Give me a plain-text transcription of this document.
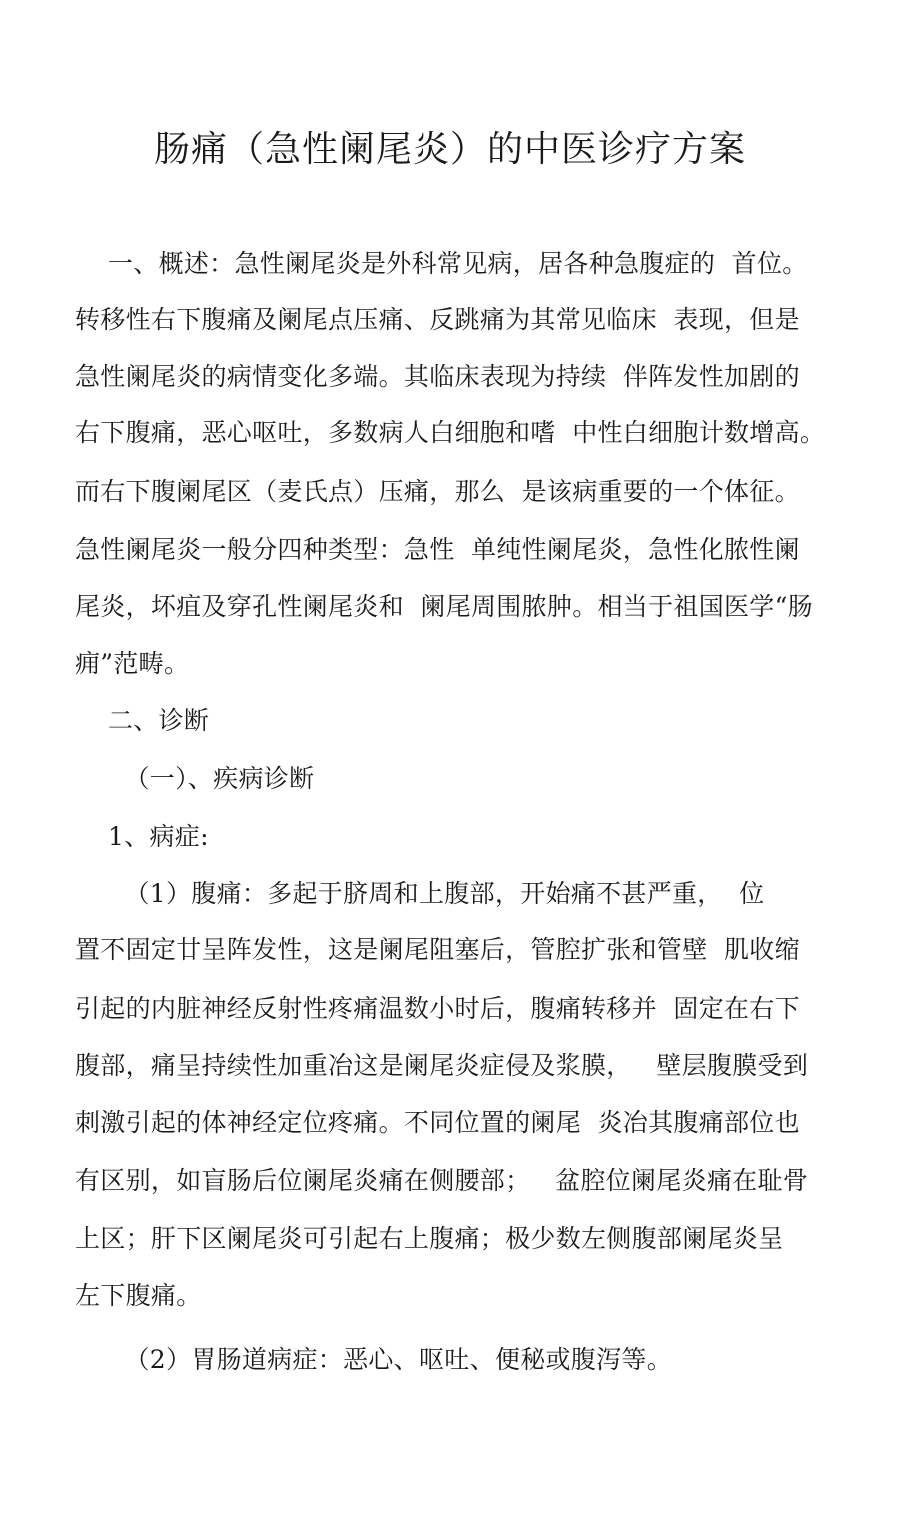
肠痛（急性阑尾炎）的中医诊疗方案
一、概述：急性阑尾炎是外科常见病，居各种急腹症的  首位。
转移性右下腹痛及阑尾点压痛、反跳痛为其常见临床  表现，但是
急性阑尾炎的病情变化多端。其临床表现为持续  伴阵发性加剧的
右下腹痛，恶心呕吐，多数病人白细胞和嗜  中性白细胞计数增高。
而右下腹阑尾区（麦氏点）压痛，那么  是该病重要的一个体征。
急性阑尾炎一般分四种类型：急性  单纯性阑尾炎，急性化脓性阑
尾炎，坏疽及穿孔性阑尾炎和  阑尾周围脓肿。相当于祖国医学“肠
痈”范畴。
二、诊断
（一）、疾病诊断
1、病症:
（1）腹痛：多起于脐周和上腹部，开始痛不甚严重，  位
置不固定廿呈阵发性，这是阑尾阻塞后，管腔扩张和管壁  肌收缩
引起的内脏神经反射性疼痛温数小时后，腹痛转移并  固定在右下
腹部，痛呈持续性加重冶这是阑尾炎症侵及浆膜，   壁层腹膜受到
刺激引起的体神经定位疼痛。不同位置的阑尾  炎冶其腹痛部位也
有区别，如盲肠后位阑尾炎痛在侧腰部；   盆腔位阑尾炎痛在耻骨
上区；肝下区阑尾炎可引起右上腹痛；极少数左侧腹部阑尾炎呈
左下腹痛。
（2）胃肠道病症：恶心、呕吐、便秘或腹泻等。
